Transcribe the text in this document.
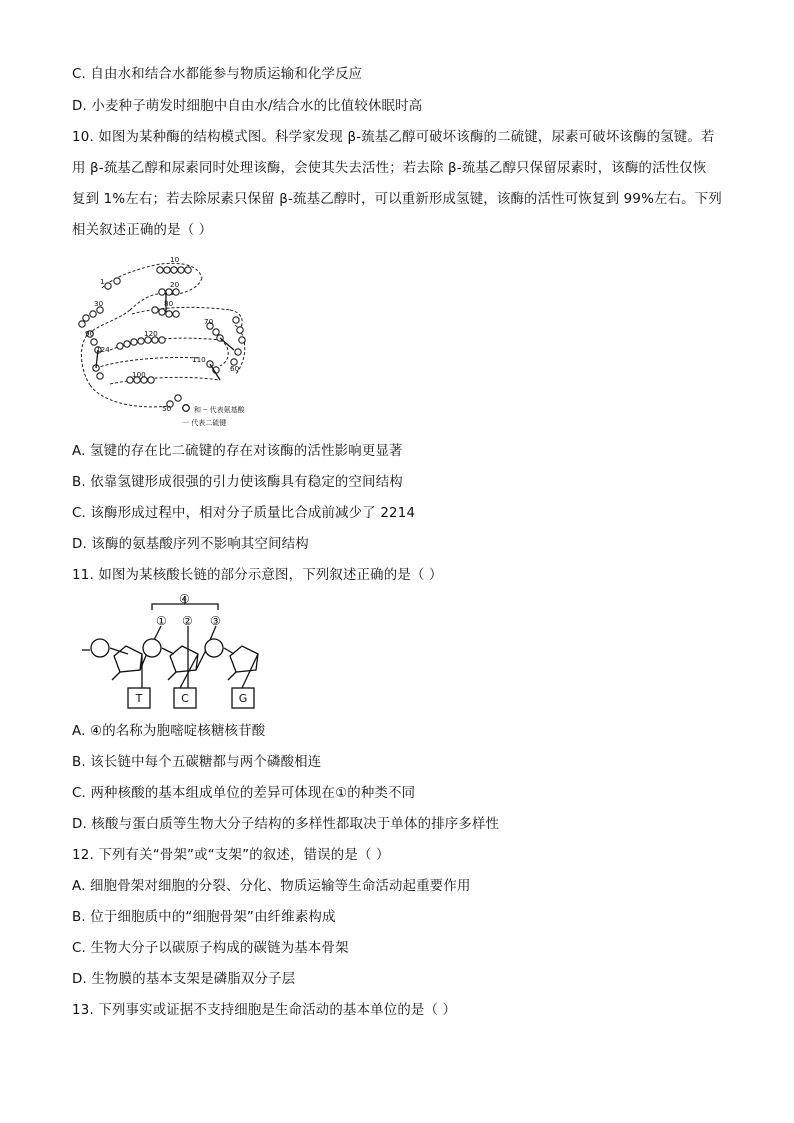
C. 自由水和结合水都能参与物质运输和化学反应
D. 小麦种子萌发时细胞中自由水/结合水的比值较休眠时高
10. 如图为某种酶的结构模式图。科学家发现 β-巯基乙醇可破坏该酶的二硫键，尿素可破坏该酶的氢键。若
用 β-巯基乙醇和尿素同时处理该酶，会使其失去活性；若去除 β-巯基乙醇只保留尿素时，该酶的活性仅恢
复到 1%左右；若去除尿素只保留 β-巯基乙醇时，可以重新形成氢键，该酶的活性可恢复到 99%左右。下列
相关叙述正确的是（ ）
10
1	20
30	80
70
90	120
124
110
60
100
50	和 ┄ 代表氨基酸
一 代表二硫键
A. 氢键的存在比二硫键的存在对该酶的活性影响更显著
B. 依靠氢键形成很强的引力使该酶具有稳定的空间结构
C. 该酶形成过程中，相对分子质量比合成前减少了 2214
D. 该酶的氨基酸序列不影响其空间结构
11. 如图为某核酸长链的部分示意图，下列叙述正确的是（ ）
④
① ② ③
T	C	G
A. ④的名称为胞嘧啶核糖核苷酸
B. 该长链中每个五碳糖都与两个磷酸相连
C. 两种核酸的基本组成单位的差异可体现在①的种类不同
D. 核酸与蛋白质等生物大分子结构的多样性都取决于单体的排序多样性
12. 下列有关“骨架”或“支架”的叙述，错误的是（ ）
A. 细胞骨架对细胞的分裂、分化、物质运输等生命活动起重要作用
B. 位于细胞质中的“细胞骨架”由纤维素构成
C. 生物大分子以碳原子构成的碳链为基本骨架
D. 生物膜的基本支架是磷脂双分子层
13. 下列事实或证据不支持细胞是生命活动的基本单位的是（ ）
